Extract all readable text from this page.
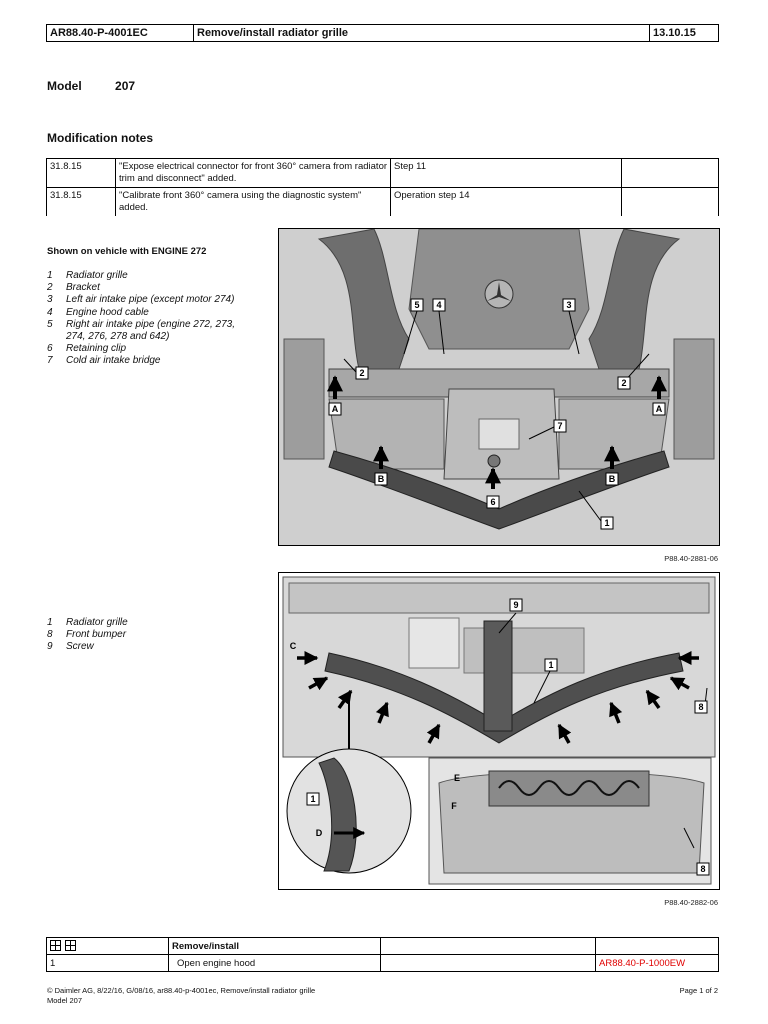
AR88.40-P-4001EC	Remove/install radiator grille	13.10.15
Model	207
Modification notes
31.8.15	"Expose electrical connector for front 360° camera from radiator trim and disconnect" added.	Step 11	
31.8.15	"Calibrate front 360° camera using the diagnostic system" added.	Operation step 14	
Shown on vehicle with ENGINE 272
1	Radiator grille
2	Bracket
3	Left air intake pipe (except motor 274)
4	Engine hood cable
5	Right air intake pipe (engine 272, 273, 274, 276, 278 and 642)
6	Retaining clip
7	Cold air intake bridge
5 4	3
2
2
7
6
1
A	A
B	B
P88.40-2881-06
1	Radiator grille
8	Front bumper
9	Screw
9
1
8
1
D
C
E
F
8
P88.40-2882-06
	Remove/install		
1	Open engine hood		AR88.40-P-1000EW
© Daimler AG, 8/22/16, G/08/16, ar88.40-p-4001ec, Remove/install radiator grille
Model 207
Page 1 of 2
